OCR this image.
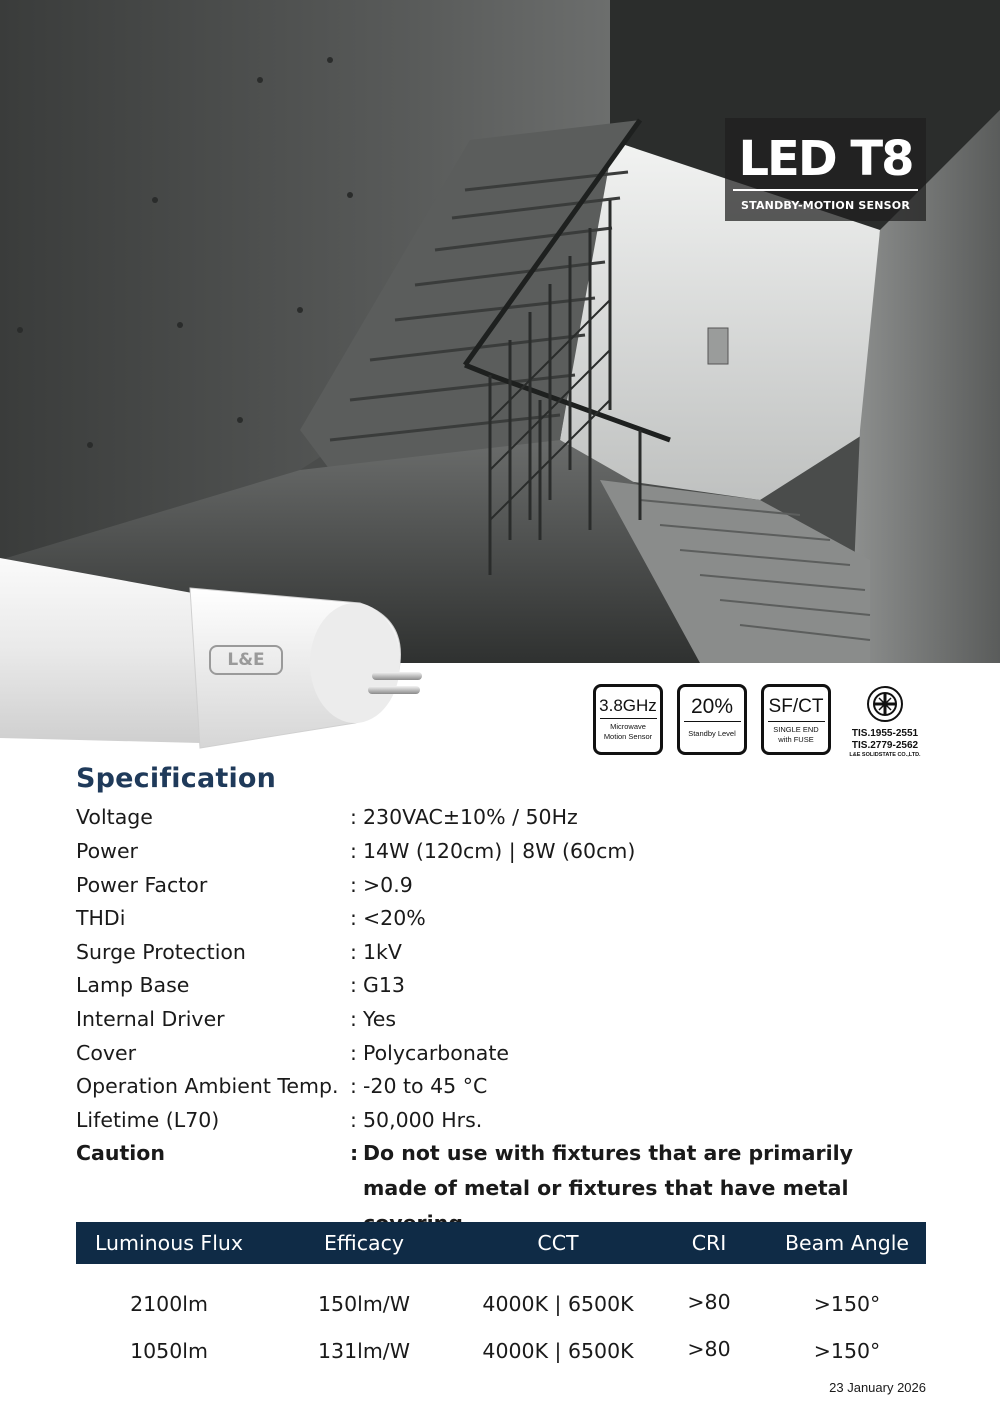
LED T8
STANDBY-MOTION SENSOR
L&E
3.8GHz
Microwave
Motion Sensor
20%
Standby Level
SF/CT
SINGLE END
with FUSE
TIS.1955-2551
TIS.2779-2562
L&E SOLIDSTATE CO.,LTD.
Specification
Voltage	: 230VAC±10% / 50Hz
Power	: 14W (120cm) | 8W (60cm)
Power Factor	: >0.9
THDi	: <20%
Surge Protection	: 1kV
Lamp Base	: G13
Internal Driver	: Yes
Cover	: Polycarbonate
Operation Ambient Temp. : -20 to 45 °C
Lifetime (L70)	: 50,000 Hrs.
Caution	: Do not use with fixtures that are primarily made of metal or fixtures that have metal
Luminous Flux	Efficacy	CCT	CRI	Beam Angle
2100lm	150lm/W	4000K | 6500K	>80	>150°
1050lm	131lm/W	4000K | 6500K	>80	>150°
23 January 2026
